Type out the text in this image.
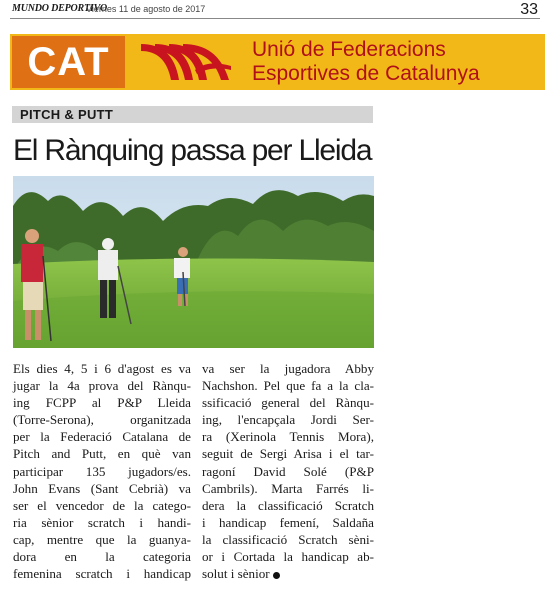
MUNDO DEPORTIVO
Viernes 11 de agosto de 2017	33
CAT	Unió de Federacions
Esportives de Catalunya
PITCH & PUTT
El Rànquing passa per Lleida
Els dies 4, 5 i 6 d'agost es va
jugar la 4a prova del Rànqu-
ing FCPP al P&P Lleida
(Torre-Serona), organitzada
per la Federació Catalana de
Pitch and Putt, en què van
participar 135 jugadors/es.
John Evans (Sant Cebrià) va
ser el vencedor de la catego-
ria sènior scratch i handi-
cap, mentre que la guanya-
dora en la categoria
femenina scratch i handicap
va ser la jugadora Abby
Nachshon. Pel que fa a la cla-
ssificació general del Rànqu-
ing, l'encapçala Jordi Ser-
ra (Xerinola Tennis Mora),
seguit de Sergi Arisa i el tar-
ragoní David Solé (P&P
Cambrils). Marta Farrés li-
dera la classificació Scratch
i handicap femení, Saldaña
la classificació Scratch sèni-
or i Cortada la handicap ab-
solut i sènior
